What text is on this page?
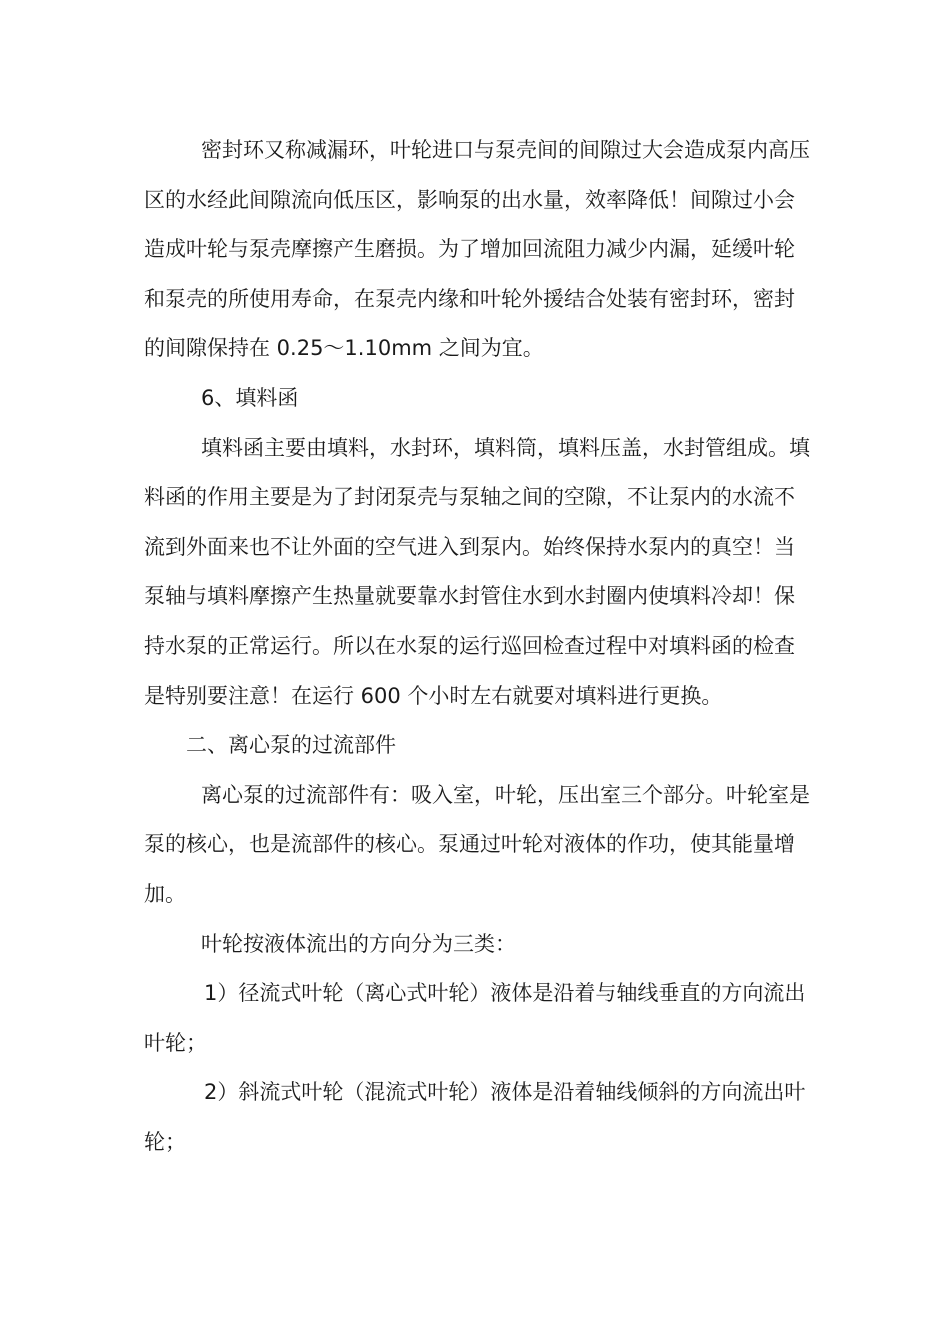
密封环又称减漏环，叶轮进口与泵壳间的间隙过大会造成泵内高压区的水经此间隙流向低压区，影响泵的出水量，效率降低！间隙过小会造成叶轮与泵壳摩擦产生磨损。为了增加回流阻力减少内漏，延缓叶轮和泵壳的所使用寿命，在泵壳内缘和叶轮外援结合处装有密封环，密封的间隙保持在 0.25～1.10mm 之间为宜。

6、填料函

填料函主要由填料，水封环，填料筒，填料压盖，水封管组成。填料函的作用主要是为了封闭泵壳与泵轴之间的空隙，不让泵内的水流不流到外面来也不让外面的空气进入到泵内。始终保持水泵内的真空！当泵轴与填料摩擦产生热量就要靠水封管住水到水封圈内使填料冷却！保持水泵的正常运行。所以在水泵的运行巡回检查过程中对填料函的检查是特别要注意！在运行 600 个小时左右就要对填料进行更换。

二、离心泵的过流部件

离心泵的过流部件有：吸入室，叶轮，压出室三个部分。叶轮室是泵的核心，也是流部件的核心。泵通过叶轮对液体的作功，使其能量增加。

叶轮按液体流出的方向分为三类：

1）径流式叶轮（离心式叶轮）液体是沿着与轴线垂直的方向流出叶轮；

2）斜流式叶轮（混流式叶轮）液体是沿着轴线倾斜的方向流出叶轮；
